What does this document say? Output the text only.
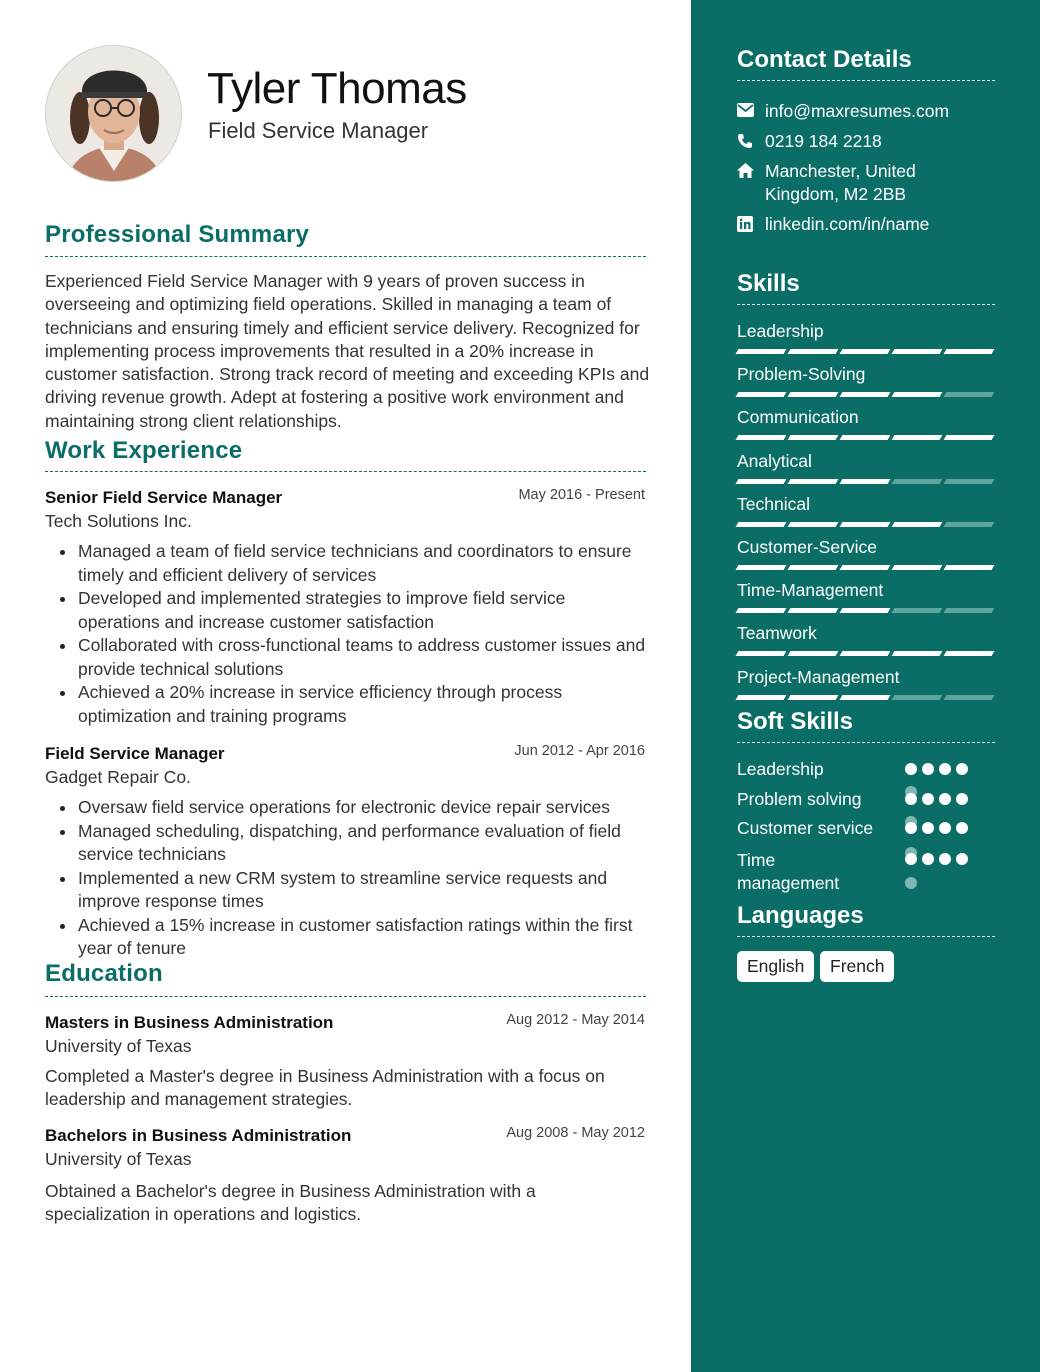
Tyler Thomas
Field Service Manager
Professional Summary
Experienced Field Service Manager with 9 years of proven success in overseeing and optimizing field operations. Skilled in managing a team of technicians and ensuring timely and efficient service delivery. Recognized for implementing process improvements that resulted in a 20% increase in customer satisfaction. Strong track record of meeting and exceeding KPIs and driving revenue growth. Adept at fostering a positive work environment and maintaining strong client relationships.
Work Experience
Senior Field Service Manager	May 2016 - Present
Tech Solutions Inc.
Managed a team of field service technicians and coordinators to ensure timely and efficient delivery of services
Developed and implemented strategies to improve field service operations and increase customer satisfaction
Collaborated with cross-functional teams to address customer issues and provide technical solutions
Achieved a 20% increase in service efficiency through process optimization and training programs
Field Service Manager	Jun 2012 - Apr 2016
Gadget Repair Co.
Oversaw field service operations for electronic device repair services
Managed scheduling, dispatching, and performance evaluation of field service technicians
Implemented a new CRM system to streamline service requests and improve response times
Achieved a 15% increase in customer satisfaction ratings within the first year of tenure
Education
Masters in Business Administration	Aug 2012 - May 2014
University of Texas
Completed a Master's degree in Business Administration with a focus on leadership and management strategies.
Bachelors in Business Administration	Aug 2008 - May 2012
University of Texas
Obtained a Bachelor's degree in Business Administration with a specialization in operations and logistics.
Contact Details
info@maxresumes.com
0219 184 2218
Manchester, United Kingdom, M2 2BB
linkedin.com/in/name
Skills
Leadership
Problem-Solving
Communication
Analytical
Technical
Customer-Service
Time-Management
Teamwork
Project-Management
Soft Skills
Leadership
Problem solving
Customer service
Time management
Languages
English	French
